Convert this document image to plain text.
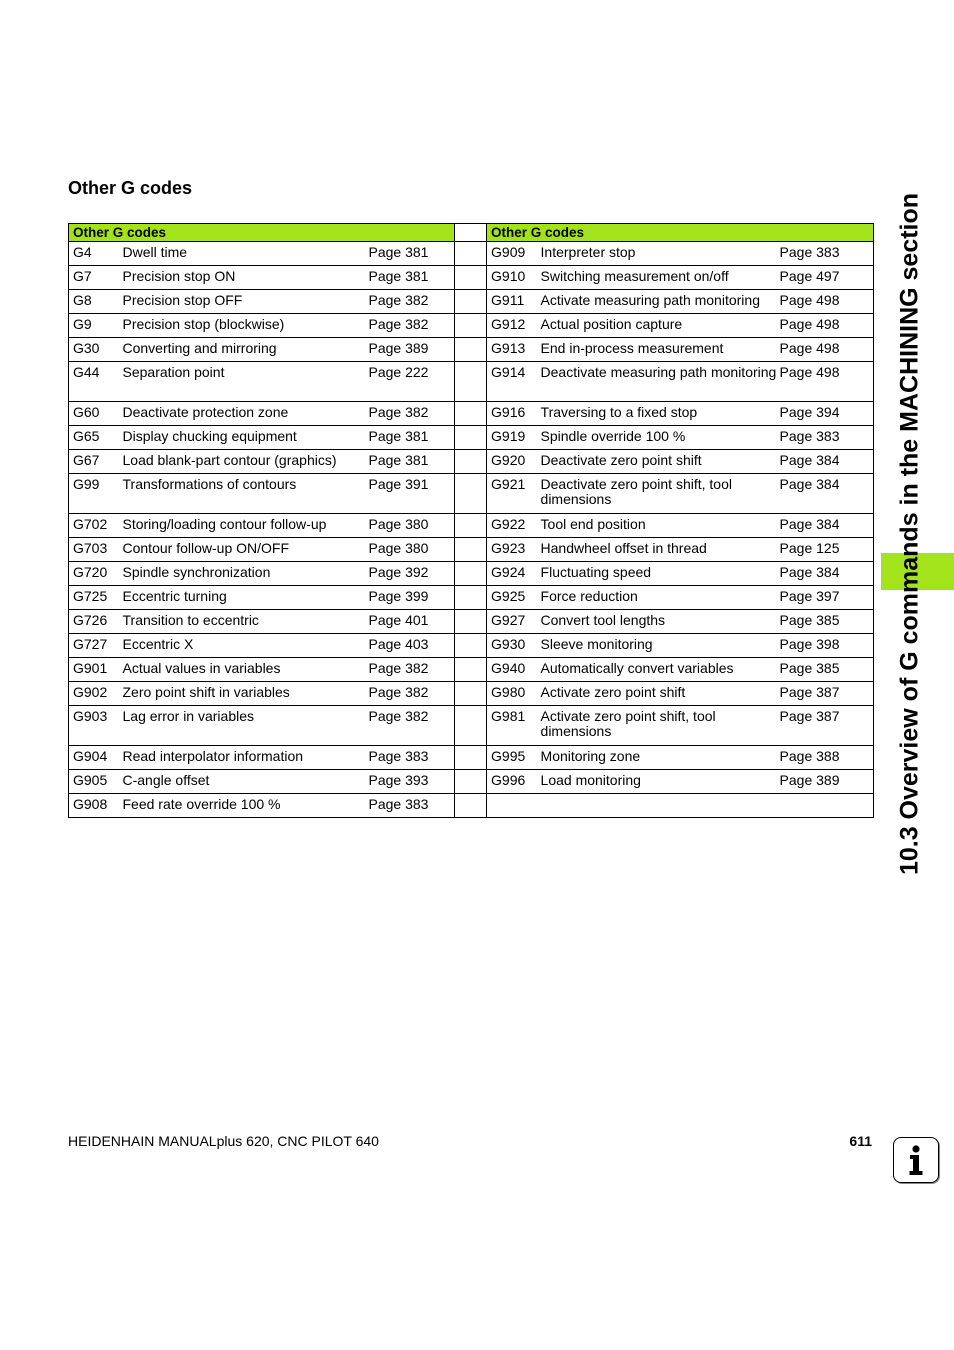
Other G codes
Other G codes				Other G codes		
G4	Dwell time	Page 381		G909	Interpreter stop	Page 383
G7	Precision stop ON	Page 381		G910	Switching measurement on/off	Page 497
G8	Precision stop OFF	Page 382		G911	Activate measuring path monitoring	Page 498
G9	Precision stop (blockwise)	Page 382		G912	Actual position capture	Page 498
G30	Converting and mirroring	Page 389		G913	End in-process measurement	Page 498
G44	Separation point	Page 222		G914	Deactivate measuring path monitoring	Page 498
G60	Deactivate protection zone	Page 382		G916	Traversing to a fixed stop	Page 394
G65	Display chucking equipment	Page 381		G919	Spindle override 100 %	Page 383
G67	Load blank-part contour (graphics)	Page 381		G920	Deactivate zero point shift	Page 384
G99	Transformations of contours	Page 391		G921	Deactivate zero point shift, tool dimensions	Page 384
G702	Storing/loading contour follow-up	Page 380		G922	Tool end position	Page 384
G703	Contour follow-up ON/OFF	Page 380		G923	Handwheel offset in thread	Page 125
G720	Spindle synchronization	Page 392		G924	Fluctuating speed	Page 384
G725	Eccentric turning	Page 399		G925	Force reduction	Page 397
G726	Transition to eccentric	Page 401		G927	Convert tool lengths	Page 385
G727	Eccentric X	Page 403		G930	Sleeve monitoring	Page 398
G901	Actual values in variables	Page 382		G940	Automatically convert variables	Page 385
G902	Zero point shift in variables	Page 382		G980	Activate zero point shift	Page 387
G903	Lag error in variables	Page 382		G981	Activate zero point shift, tool dimensions	Page 387
G904	Read interpolator information	Page 383		G995	Monitoring zone	Page 388
G905	C-angle offset	Page 393		G996	Load monitoring	Page 389
G908	Feed rate override 100 %	Page 383					10.3 Overview of G commands in the MACHINING section
HEIDENHAIN MANUALplus 620, CNC PILOT 640	611
